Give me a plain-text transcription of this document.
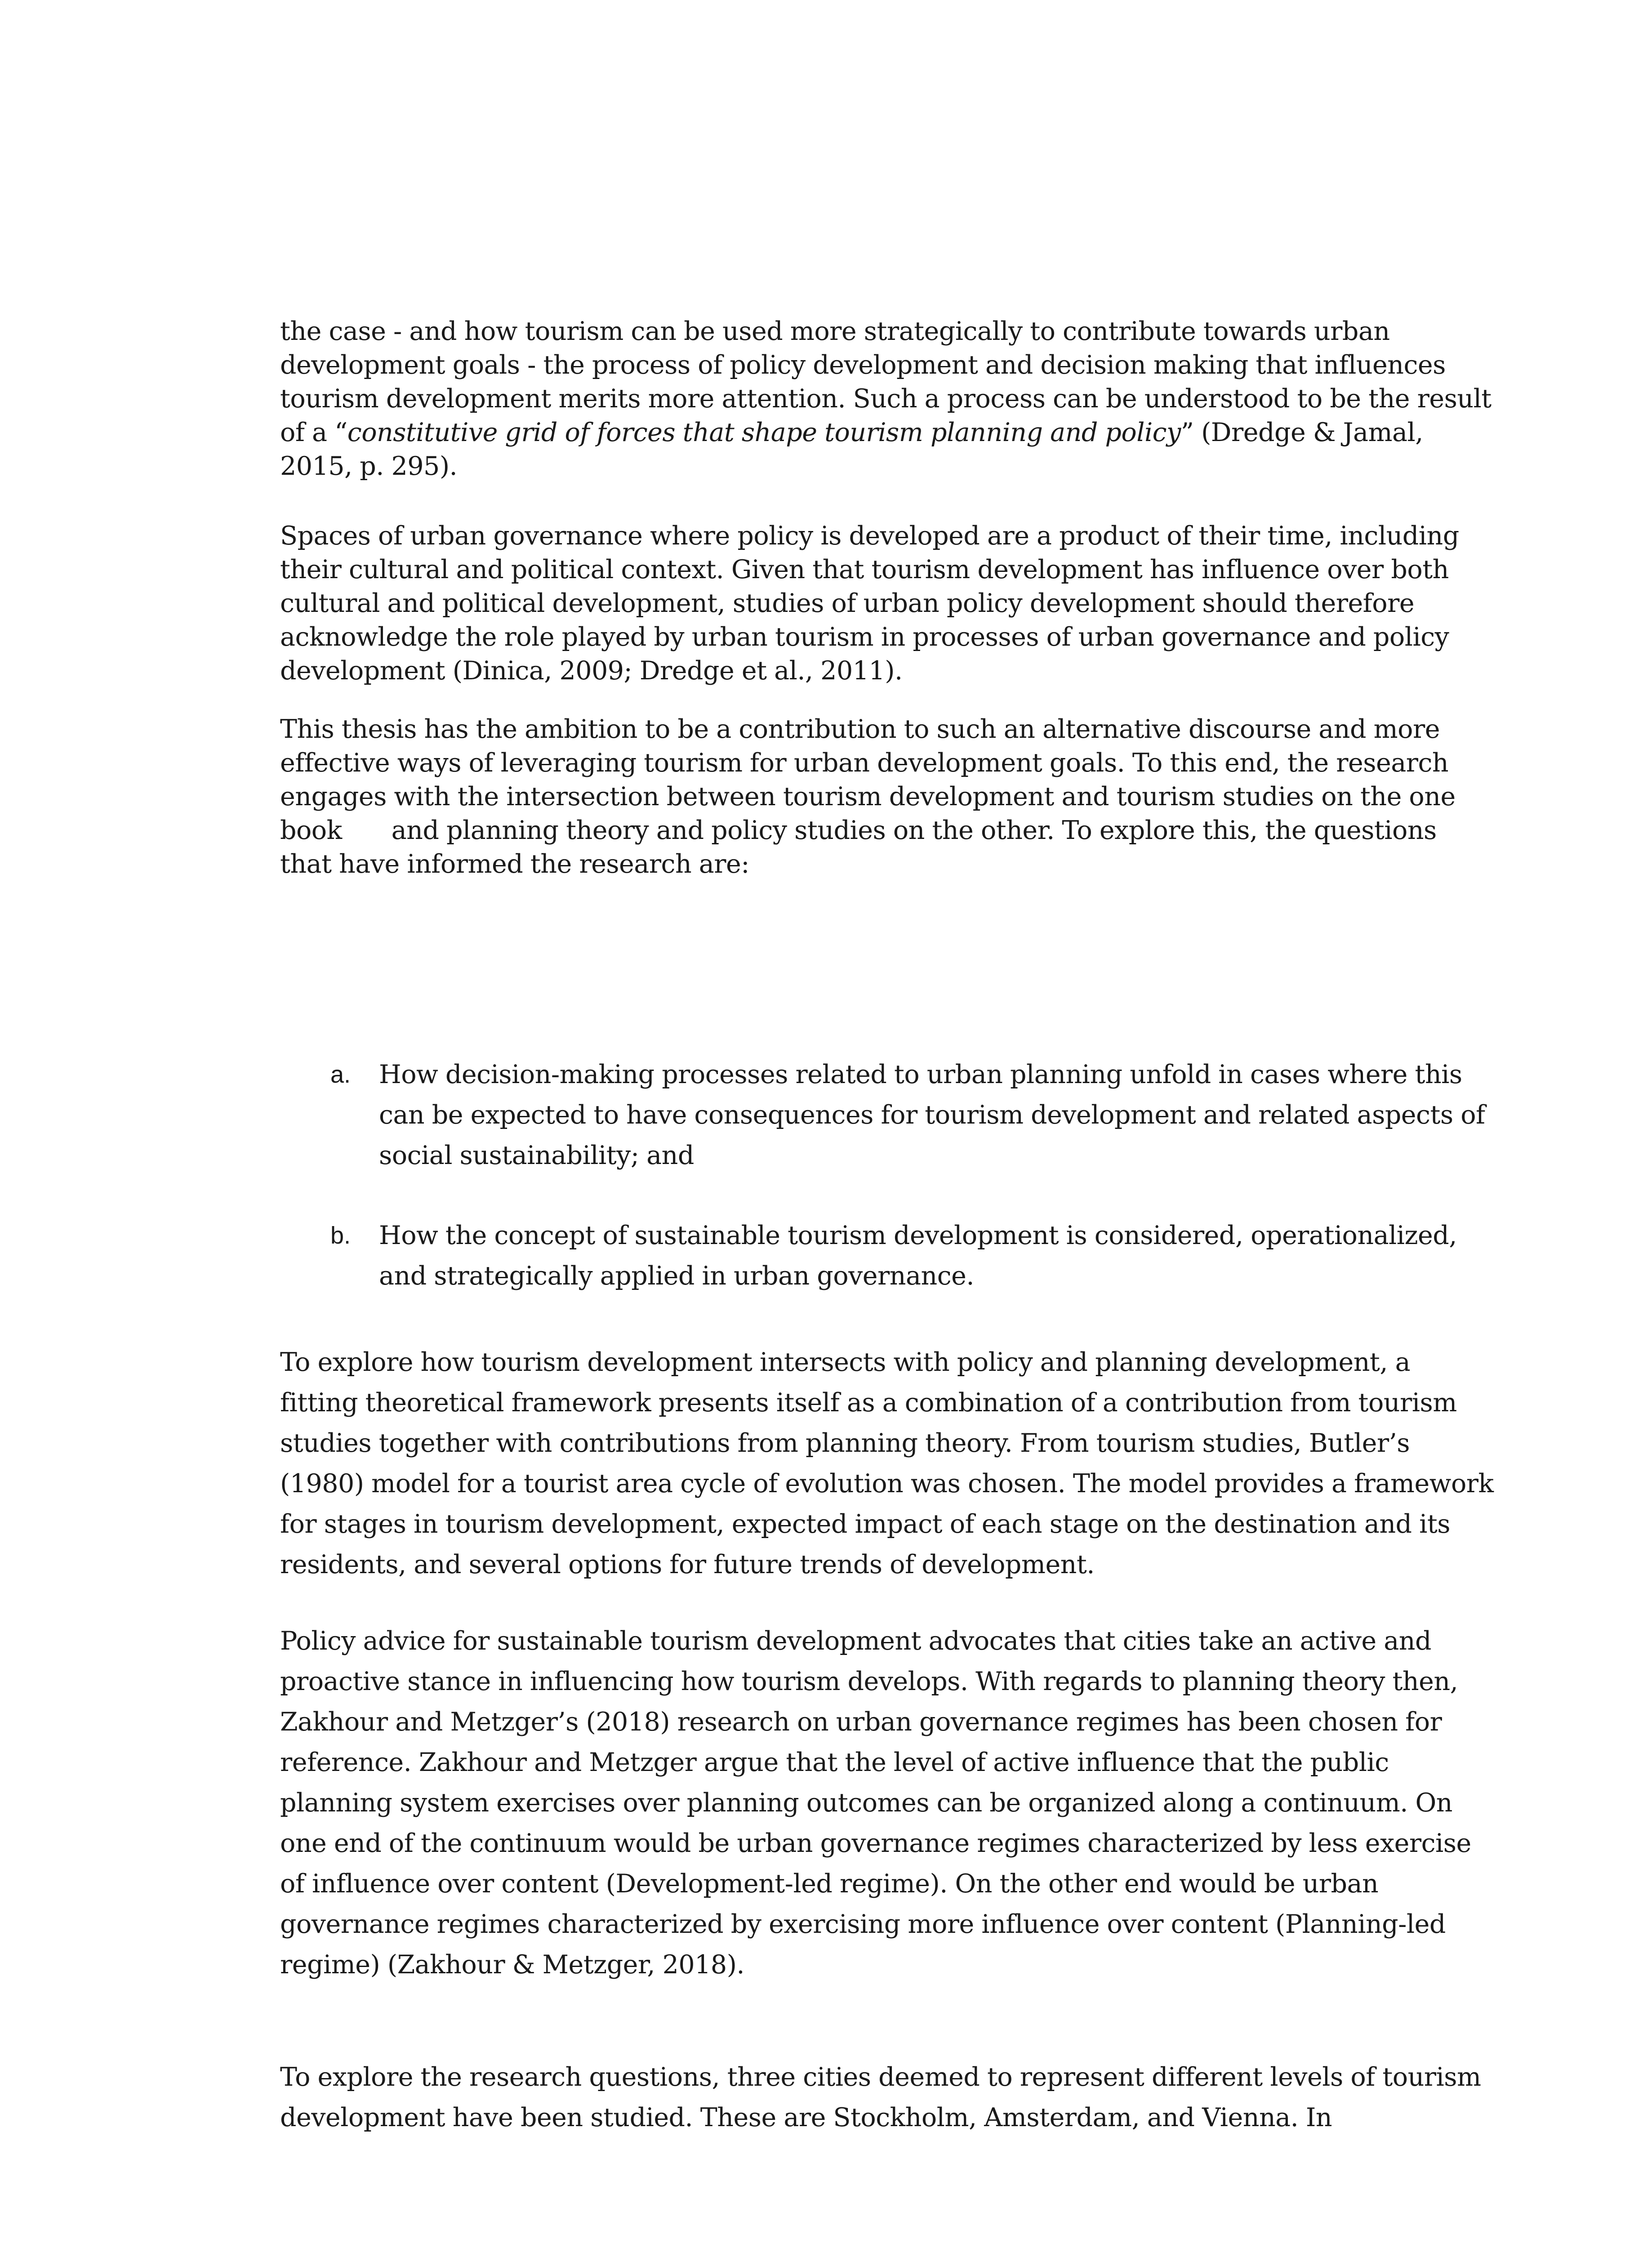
the case - and how tourism can be used more strategically to contribute towards urban development goals - the process of policy development and decision making that influences tourism development merits more attention. Such a process can be understood to be the result of a “constitutive grid of forces that shape tourism planning and policy” (Dredge & Jamal, 2015, p. 295).

Spaces of urban governance where policy is developed are a product of their time, including their cultural and political context. Given that tourism development has influence over both cultural and political development, studies of urban policy development should therefore acknowledge the role played by urban tourism in processes of urban governance and policy development (Dinica, 2009; Dredge et al., 2011).

This thesis has the ambition to be a contribution to such an alternative discourse and more effective ways of leveraging tourism for urban development goals. To this end, the research engages with the intersection between tourism development and tourism studies on the one book and planning theory and policy studies on the other. To explore this, the questions that have informed the research are:

a. How decision-making processes related to urban planning unfold in cases where this can be expected to have consequences for tourism development and related aspects of social sustainability; and
b. How the concept of sustainable tourism development is considered, operationalized, and strategically applied in urban governance.

To explore how tourism development intersects with policy and planning development, a fitting theoretical framework presents itself as a combination of a contribution from tourism studies together with contributions from planning theory. From tourism studies, Butler’s (1980) model for a tourist area cycle of evolution was chosen. The model provides a framework for stages in tourism development, expected impact of each stage on the destination and its residents, and several options for future trends of development.

Policy advice for sustainable tourism development advocates that cities take an active and proactive stance in influencing how tourism develops. With regards to planning theory then, Zakhour and Metzger’s (2018) research on urban governance regimes has been chosen for reference. Zakhour and Metzger argue that the level of active influence that the public planning system exercises over planning outcomes can be organized along a continuum. On one end of the continuum would be urban governance regimes characterized by less exercise of influence over content (Development-led regime). On the other end would be urban governance regimes characterized by exercising more influence over content (Planning-led regime) (Zakhour & Metzger, 2018).

To explore the research questions, three cities deemed to represent different levels of tourism development have been studied. These are Stockholm, Amsterdam, and Vienna. In
